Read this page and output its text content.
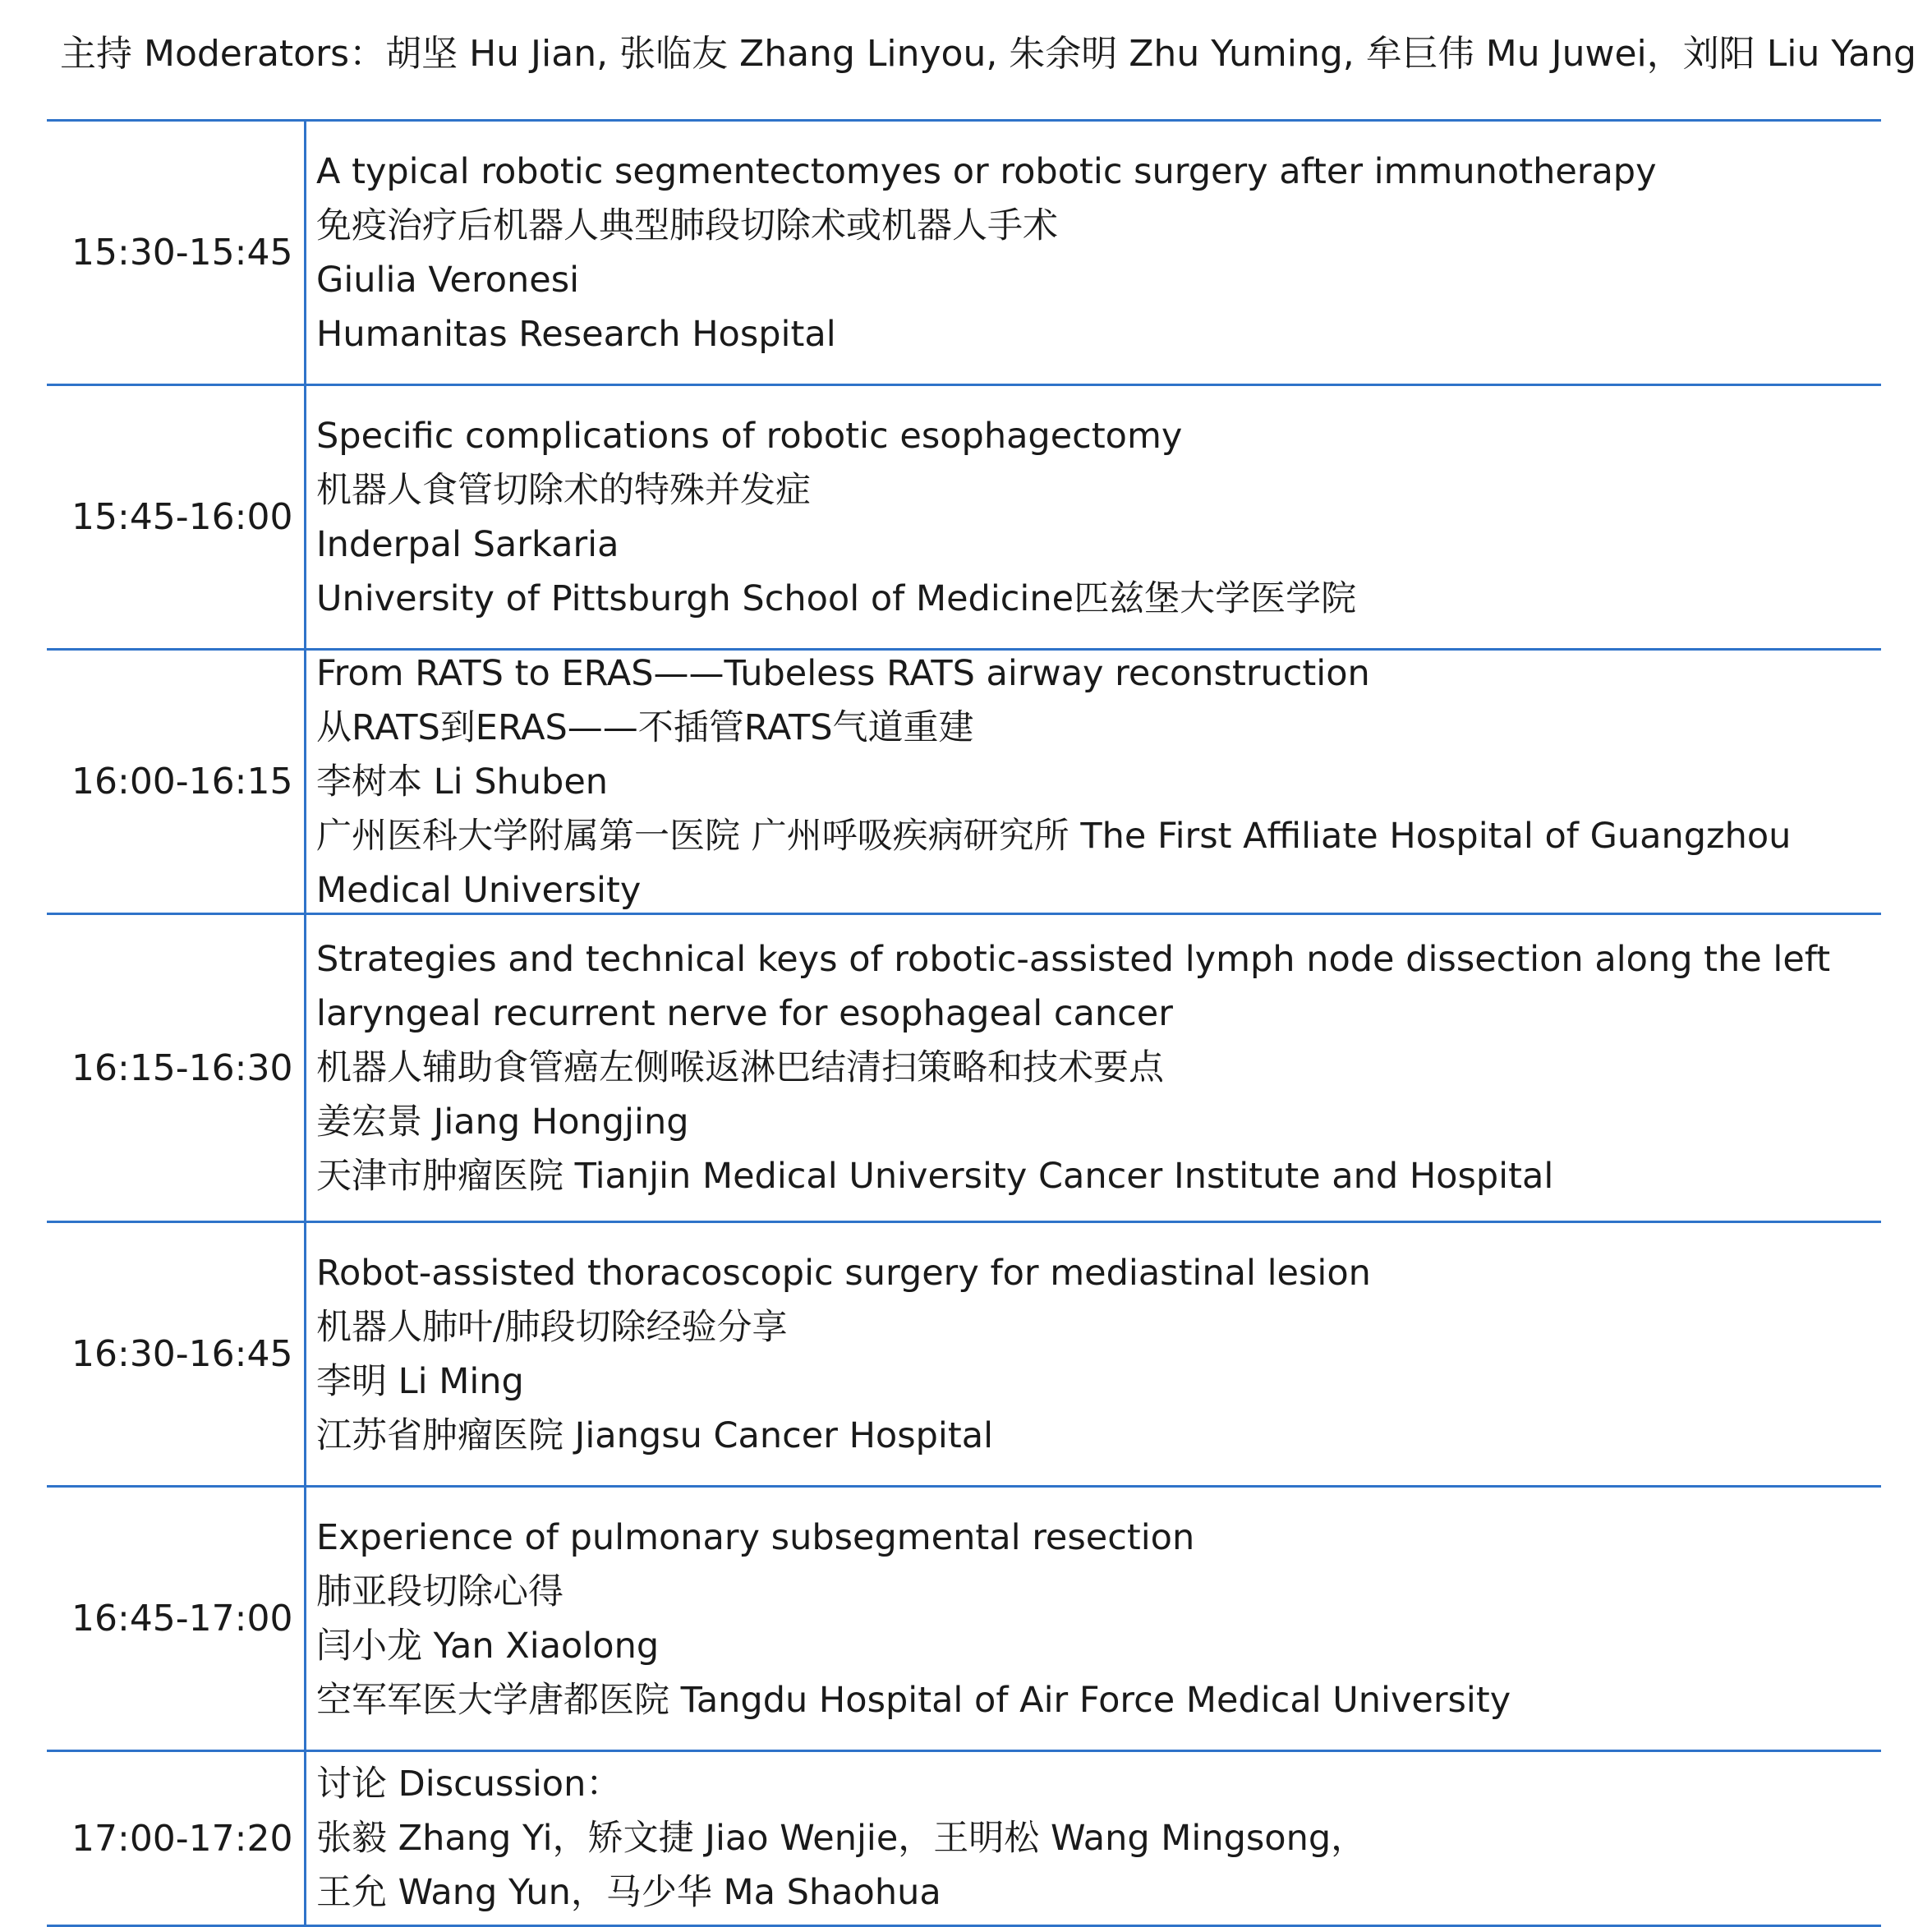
主持 Moderators：胡坚 Hu Jian, 张临友 Zhang Linyou, 朱余明 Zhu Yuming, 牟巨伟 Mu Juwei，刘阳 Liu Yang
15:30-15:45
A typical robotic segmentectomyes or robotic surgery after immunotherapy
免疫治疗后机器人典型肺段切除术或机器人手术
Giulia Veronesi
Humanitas Research Hospital
15:45-16:00
Specific complications of robotic esophagectomy
机器人食管切除术的特殊并发症
Inderpal Sarkaria
University of Pittsburgh School of Medicine匹兹堡大学医学院
16:00-16:15
From RATS to ERAS——Tubeless RATS airway reconstruction
从RATS到ERAS——不插管RATS气道重建
李树本 Li Shuben
广州医科大学附属第一医院 广州呼吸疾病研究所 The First Affiliate Hospital of Guangzhou
Medical University
16:15-16:30
Strategies and technical keys of robotic-assisted lymph node dissection along the left
laryngeal recurrent nerve for esophageal cancer
机器人辅助食管癌左侧喉返淋巴结清扫策略和技术要点
姜宏景 Jiang Hongjing
天津市肿瘤医院 Tianjin Medical University Cancer Institute and Hospital
16:30-16:45
Robot-assisted thoracoscopic surgery for mediastinal lesion
机器人肺叶/肺段切除经验分享
李明 Li Ming
江苏省肿瘤医院 Jiangsu Cancer Hospital
16:45-17:00
Experience of pulmonary subsegmental resection
肺亚段切除心得
闫小龙 Yan Xiaolong
空军军医大学唐都医院 Tangdu Hospital of Air Force Medical University
17:00-17:20
讨论 Discussion：
张毅 Zhang Yi，矫文捷 Jiao Wenjie，王明松 Wang Mingsong，
王允 Wang Yun，马少华 Ma Shaohua
